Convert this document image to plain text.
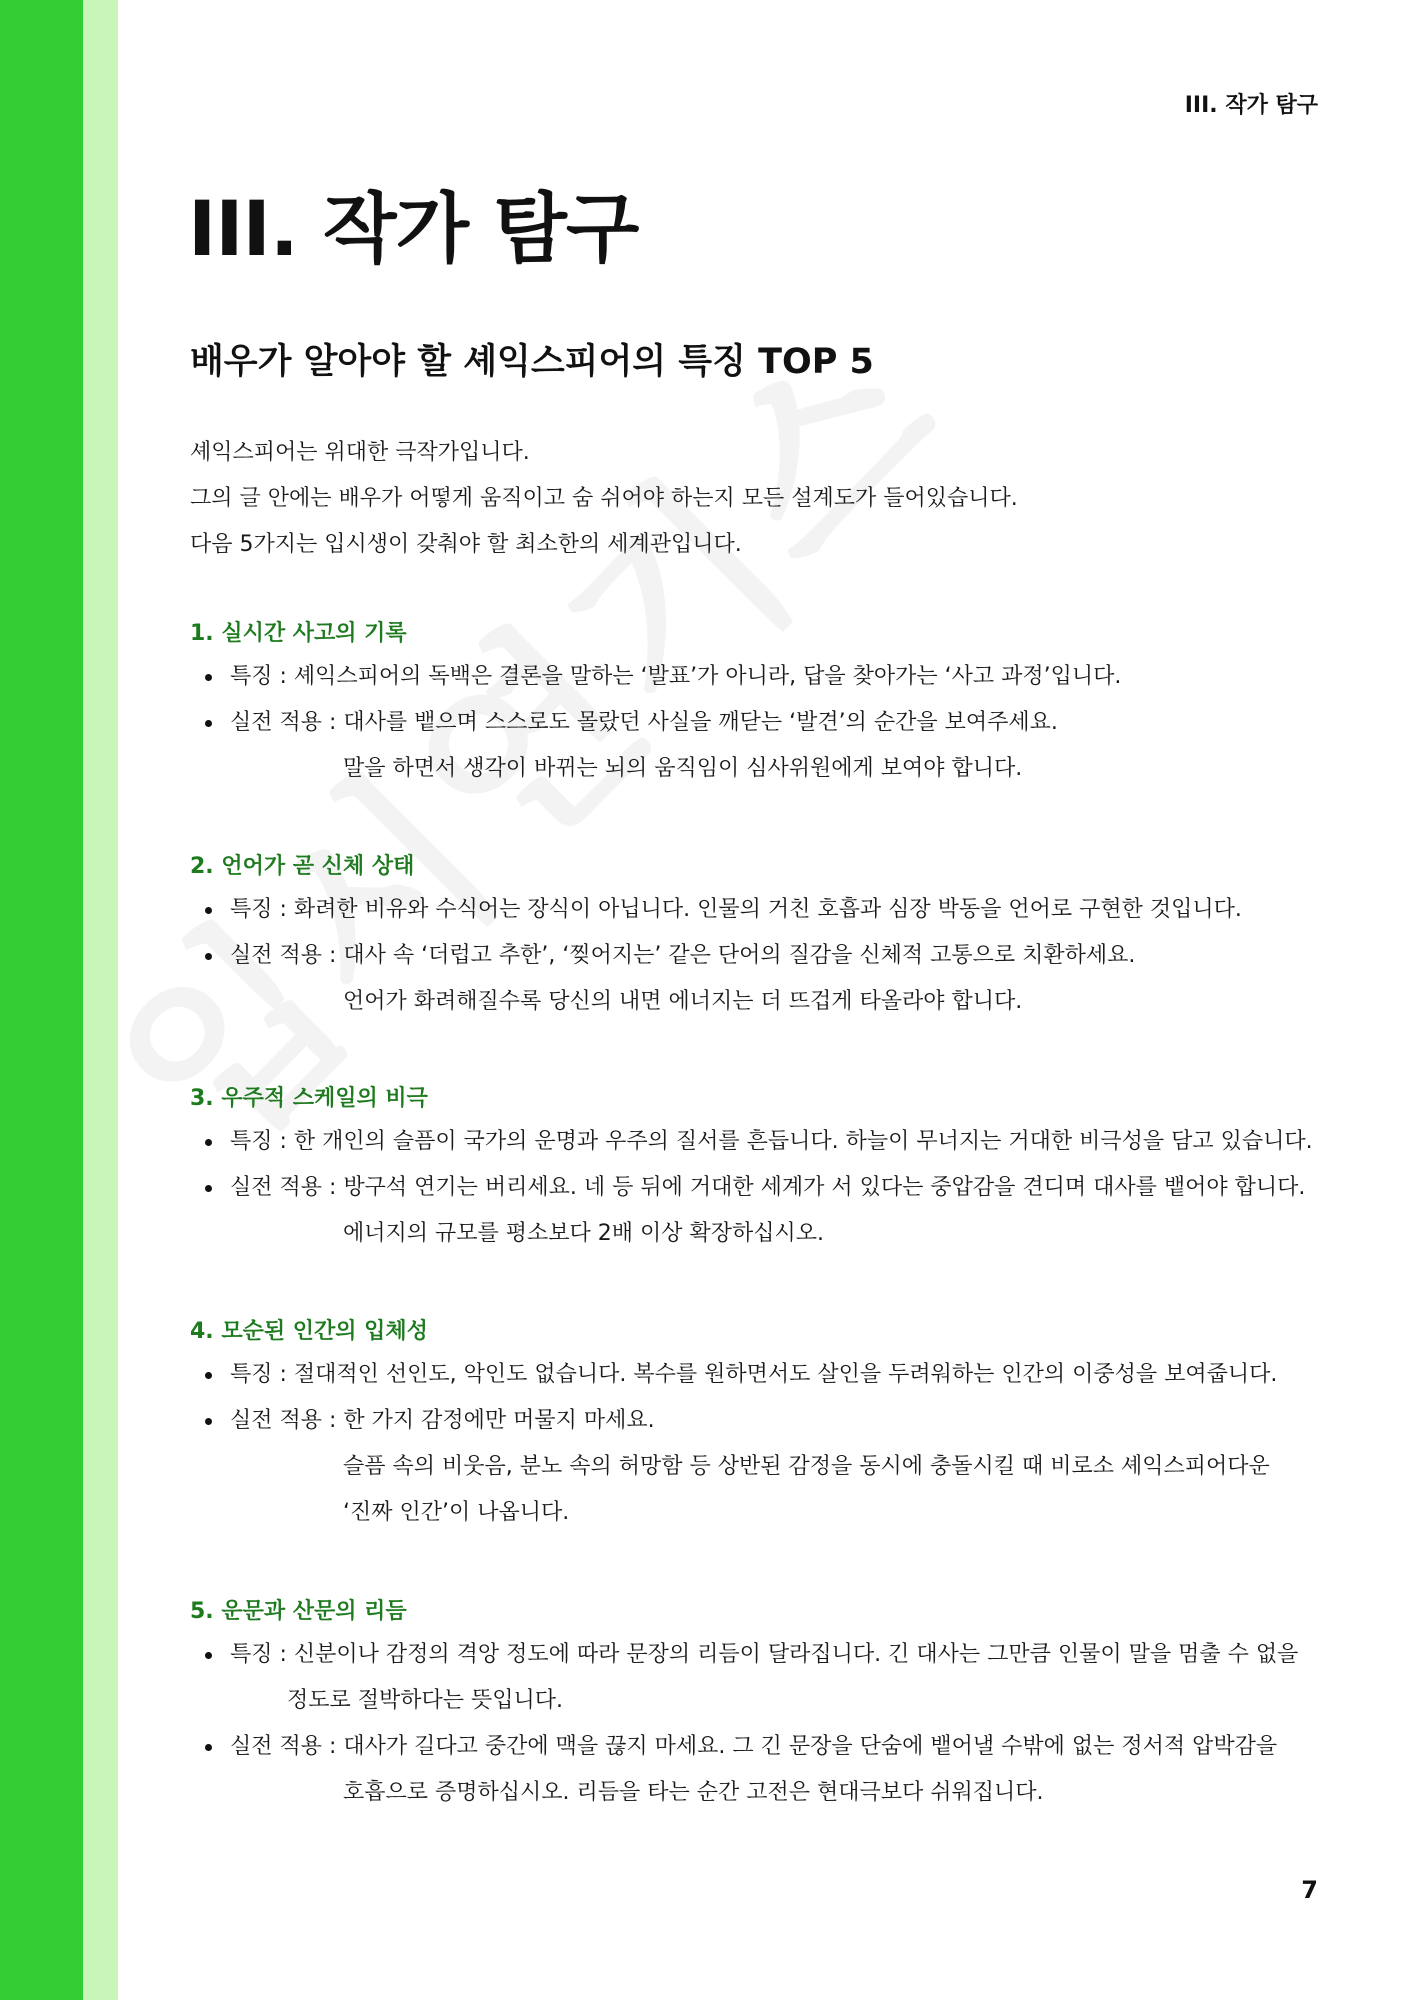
III. 작가 탐구
III. 작가 탐구
배우가 알아야 할 셰익스피어의 특징 TOP 5

셰익스피어는 위대한 극작가입니다.

그의 글 안에는 배우가 어떻게 움직이고 숨 쉬어야 하는지 모든 설계도가 들어있습니다.

다음 5가지는 입시생이 갖춰야 할 최소한의 세계관입니다.

1. 실시간 사고의 기록
특징 : 셰익스피어의 독백은 결론을 말하는 ‘발표’가 아니라, 답을 찾아가는 ‘사고 과정’입니다.
실전 적용 : 대사를 뱉으며 스스로도 몰랐던 사실을 깨닫는 ‘발견’의 순간을 보여주세요.
말을 하면서 생각이 바뀌는 뇌의 움직임이 심사위원에게 보여야 합니다.
2. 언어가 곧 신체 상태
특징 : 화려한 비유와 수식어는 장식이 아닙니다. 인물의 거친 호흡과 심장 박동을 언어로 구현한 것입니다.
실전 적용 : 대사 속 ‘더럽고 추한’, ‘찢어지는’ 같은 단어의 질감을 신체적 고통으로 치환하세요.
언어가 화려해질수록 당신의 내면 에너지는 더 뜨겁게 타올라야 합니다.
3. 우주적 스케일의 비극
특징 : 한 개인의 슬픔이 국가의 운명과 우주의 질서를 흔듭니다. 하늘이 무너지는 거대한 비극성을 담고 있습니다.
실전 적용 : 방구석 연기는 버리세요. 네 등 뒤에 거대한 세계가 서 있다는 중압감을 견디며 대사를 뱉어야 합니다.
에너지의 규모를 평소보다 2배 이상 확장하십시오.
4. 모순된 인간의 입체성
특징 : 절대적인 선인도, 악인도 없습니다. 복수를 원하면서도 살인을 두려워하는 인간의 이중성을 보여줍니다.
실전 적용 : 한 가지 감정에만 머물지 마세요.
슬픔 속의 비웃음, 분노 속의 허망함 등 상반된 감정을 동시에 충돌시킬 때 비로소 셰익스피어다운
‘진짜 인간’이 나옵니다.
5. 운문과 산문의 리듬
특징 : 신분이나 감정의 격앙 정도에 따라 문장의 리듬이 달라집니다. 긴 대사는 그만큼 인물이 말을 멈출 수 없을
정도로 절박하다는 뜻입니다.
실전 적용 : 대사가 길다고 중간에 맥을 끊지 마세요. 그 긴 문장을 단숨에 뱉어낼 수밖에 없는 정서적 압박감을
호흡으로 증명하십시오. 리듬을 타는 순간 고전은 현대극보다 쉬워집니다.
7
